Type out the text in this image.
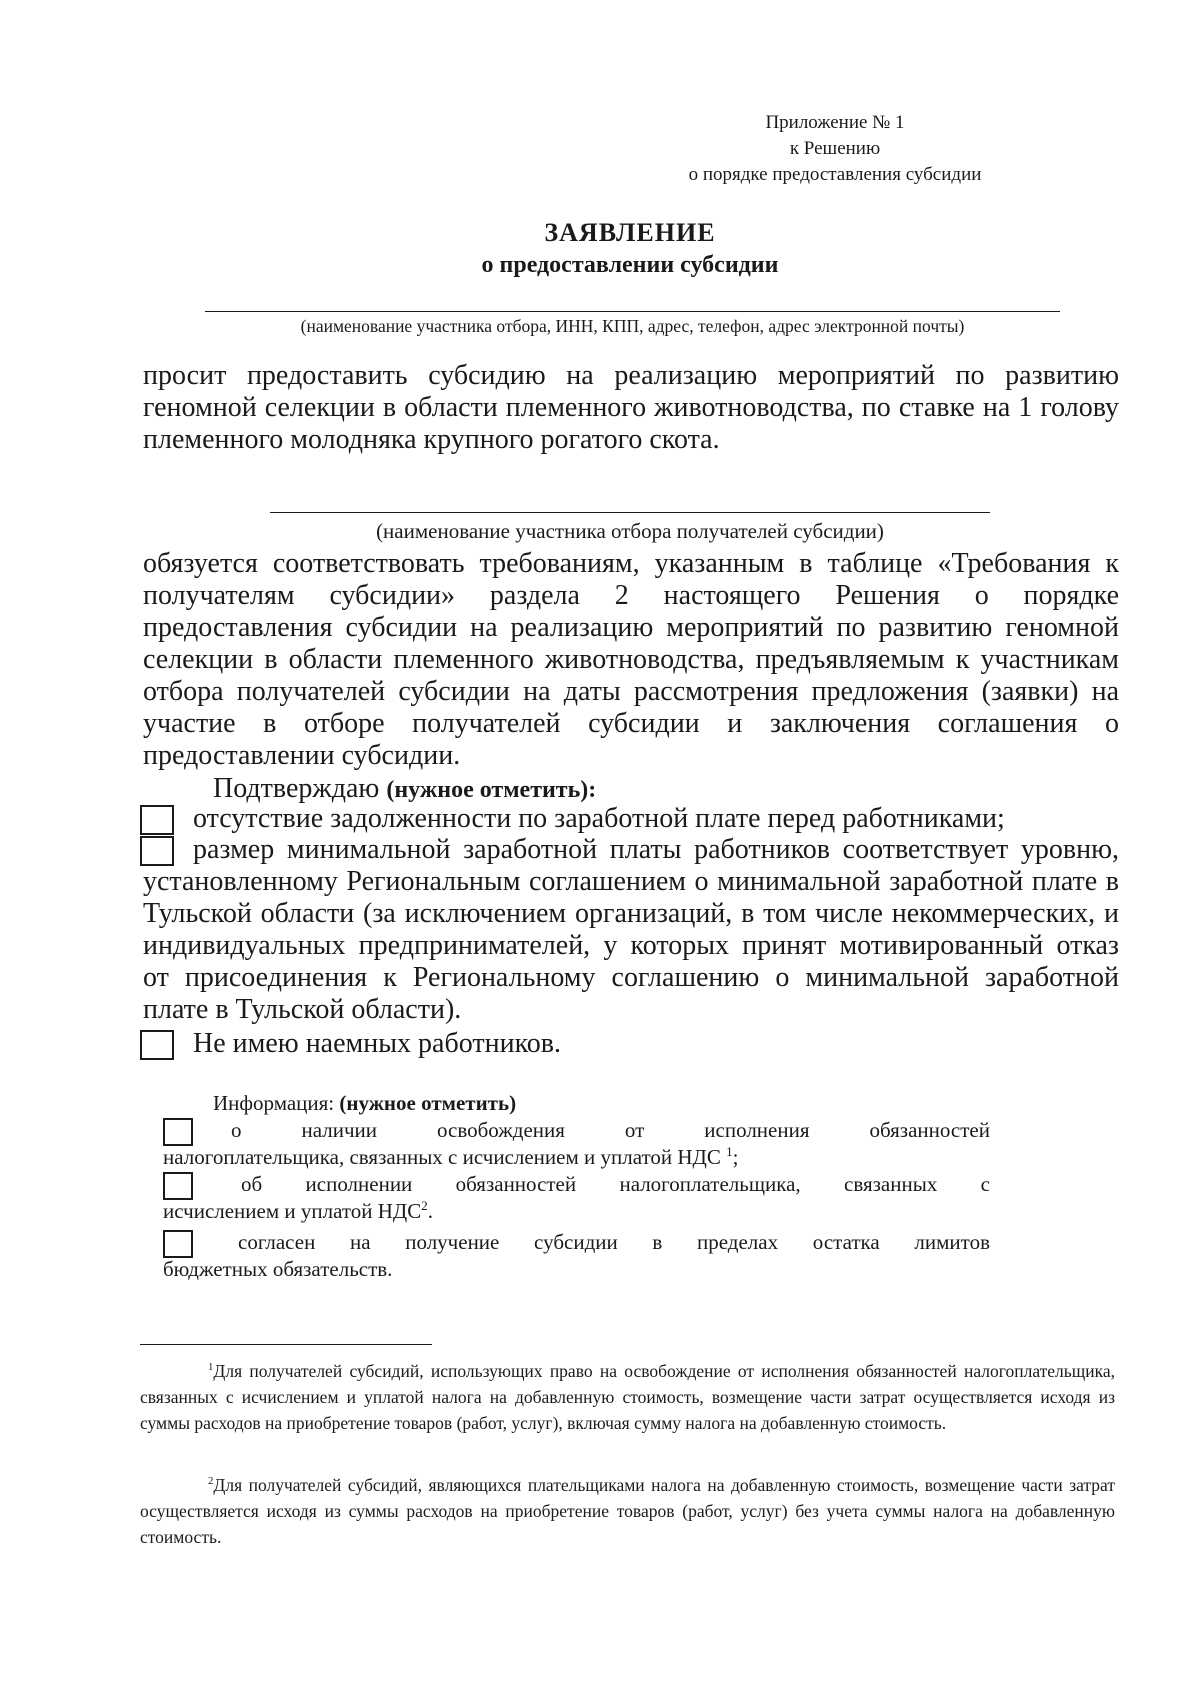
Приложение № 1
к Решению
о порядке предоставления субсидии
ЗАЯВЛЕНИЕ
о предоставлении субсидии
(наименование участника отбора, ИНН, КПП, адрес, телефон, адрес электронной почты)
просит предоставить субсидию на реализацию мероприятий по развитию
геномной селекции в области племенного животноводства, по ставке на 1 голову
племенного молодняка крупного рогатого скота.
(наименование участника отбора получателей субсидии)
обязуется соответствовать требованиям, указанным в таблице «Требования к
получателям субсидии» раздела 2 настоящего Решения о порядке
предоставления субсидии на реализацию мероприятий по развитию геномной
селекции в области племенного животноводства, предъявляемым к участникам
отбора получателей субсидии на даты рассмотрения предложения (заявки) на
участие в отборе получателей субсидии и заключения соглашения о
предоставлении субсидии.
Подтверждаю (нужное отметить):
отсутствие задолженности по заработной плате перед работниками;
размер минимальной заработной платы работников соответствует уровню,
установленному Региональным соглашением о минимальной заработной плате в
Тульской области (за исключением организаций, в том числе некоммерческих, и
индивидуальных предпринимателей, у которых принят мотивированный отказ
от присоединения к Региональному соглашению о минимальной заработной
плате в Тульской области).
Не имею наемных работников.
Информация: (нужное отметить)
о наличии освобождения от исполнения обязанностей
налогоплательщика, связанных с исчислением и уплатой НДС $^1$;
об исполнении обязанностей налогоплательщика, связанных с
исчислением и уплатой НДС$^2$.
согласен на получение субсидии в пределах остатка лимитов
бюджетных обязательств.
$^1$Для получателей субсидий, использующих право на освобождение от исполнения обязанностей налогоплательщика, связанных с исчислением и уплатой налога на добавленную стоимость, возмещение части затрат осуществляется исходя из суммы расходов на приобретение товаров (работ, услуг), включая сумму налога на добавленную стоимость.
$^2$Для получателей субсидий, являющихся плательщиками налога на добавленную стоимость, возмещение части затрат осуществляется исходя из суммы расходов на приобретение товаров (работ, услуг) без учета суммы налога на добавленную стоимость.
